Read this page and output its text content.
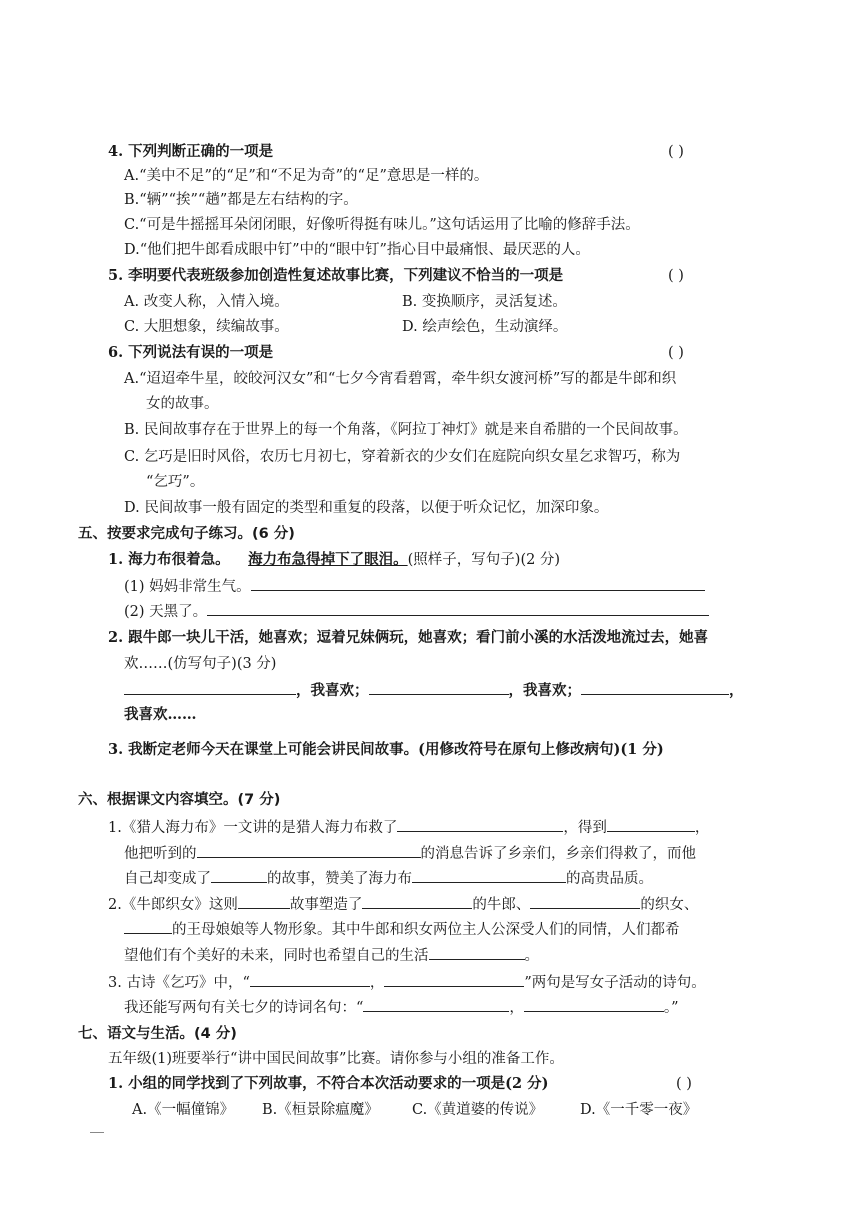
4. 下列判断正确的一项是	( )
A.“美中不足”的“足”和“不足为奇”的“足”意思是一样的。
B.“辆”“挨”“趟”都是左右结构的字。
C.“可是牛摇摇耳朵闭闭眼，好像听得挺有味儿。”这句话运用了比喻的修辞手法。
D.“他们把牛郎看成眼中钉”中的“眼中钉”指心目中最痛恨、最厌恶的人。
5. 李明要代表班级参加创造性复述故事比赛，下列建议不恰当的一项是	( )
A. 改变人称，入情入境。	B. 变换顺序，灵活复述。
C. 大胆想象，续编故事。	D. 绘声绘色，生动演绎。
6. 下列说法有误的一项是	( )
A.“迢迢牵牛星，皎皎河汉女”和“七夕今宵看碧霄，牵牛织女渡河桥”写的都是牛郎和织
女的故事。
B. 民间故事存在于世界上的每一个角落，《阿拉丁神灯》就是来自希腊的一个民间故事。
C. 乞巧是旧时风俗，农历七月初七，穿着新衣的少女们在庭院向织女星乞求智巧，称为
“乞巧”。
D. 民间故事一般有固定的类型和重复的段落，以便于听众记忆，加深印象。
五、按要求完成句子练习。(6 分)
1. 海力布很着急。 海力布急得掉下了眼泪。(照样子，写句子)(2 分)
(1) 妈妈非常生气。
(2) 天黑了。
2. 跟牛郎一块儿干活，她喜欢；逗着兄妹俩玩，她喜欢；看门前小溪的水活泼地流过去，她喜
欢……(仿写句子)(3 分)
，我喜欢；	，我喜欢；	，
我喜欢……
3. 我断定老师今天在课堂上可能会讲民间故事。(用修改符号在原句上修改病句)(1 分)
六、根据课文内容填空。(7 分)
1.《猎人海力布》一文讲的是猎人海力布救了	，得到	，
他把听到的	的消息告诉了乡亲们，乡亲们得救了，而他
自己却变成了	的故事，赞美了海力布	的高贵品质。
2.《牛郎织女》这则	故事塑造了	的牛郎、	的织女、
的王母娘娘等人物形象。其中牛郎和织女两位主人公深受人们的同情，人们都希
望他们有个美好的未来，同时也希望自己的生活	。
3. 古诗《乞巧》中，“	，	”两句是写女子活动的诗句。
我还能写两句有关七夕的诗词名句：“	，	。”
七、语文与生活。(4 分)
五年级(1)班要举行“讲中国民间故事”比赛。请你参与小组的准备工作。
1. 小组的同学找到了下列故事，不符合本次活动要求的一项是(2 分)	( )
A.《一幅僮锦》 B.《桓景除瘟魔》 C.《黄道婆的传说》	D.《一千零一夜》
